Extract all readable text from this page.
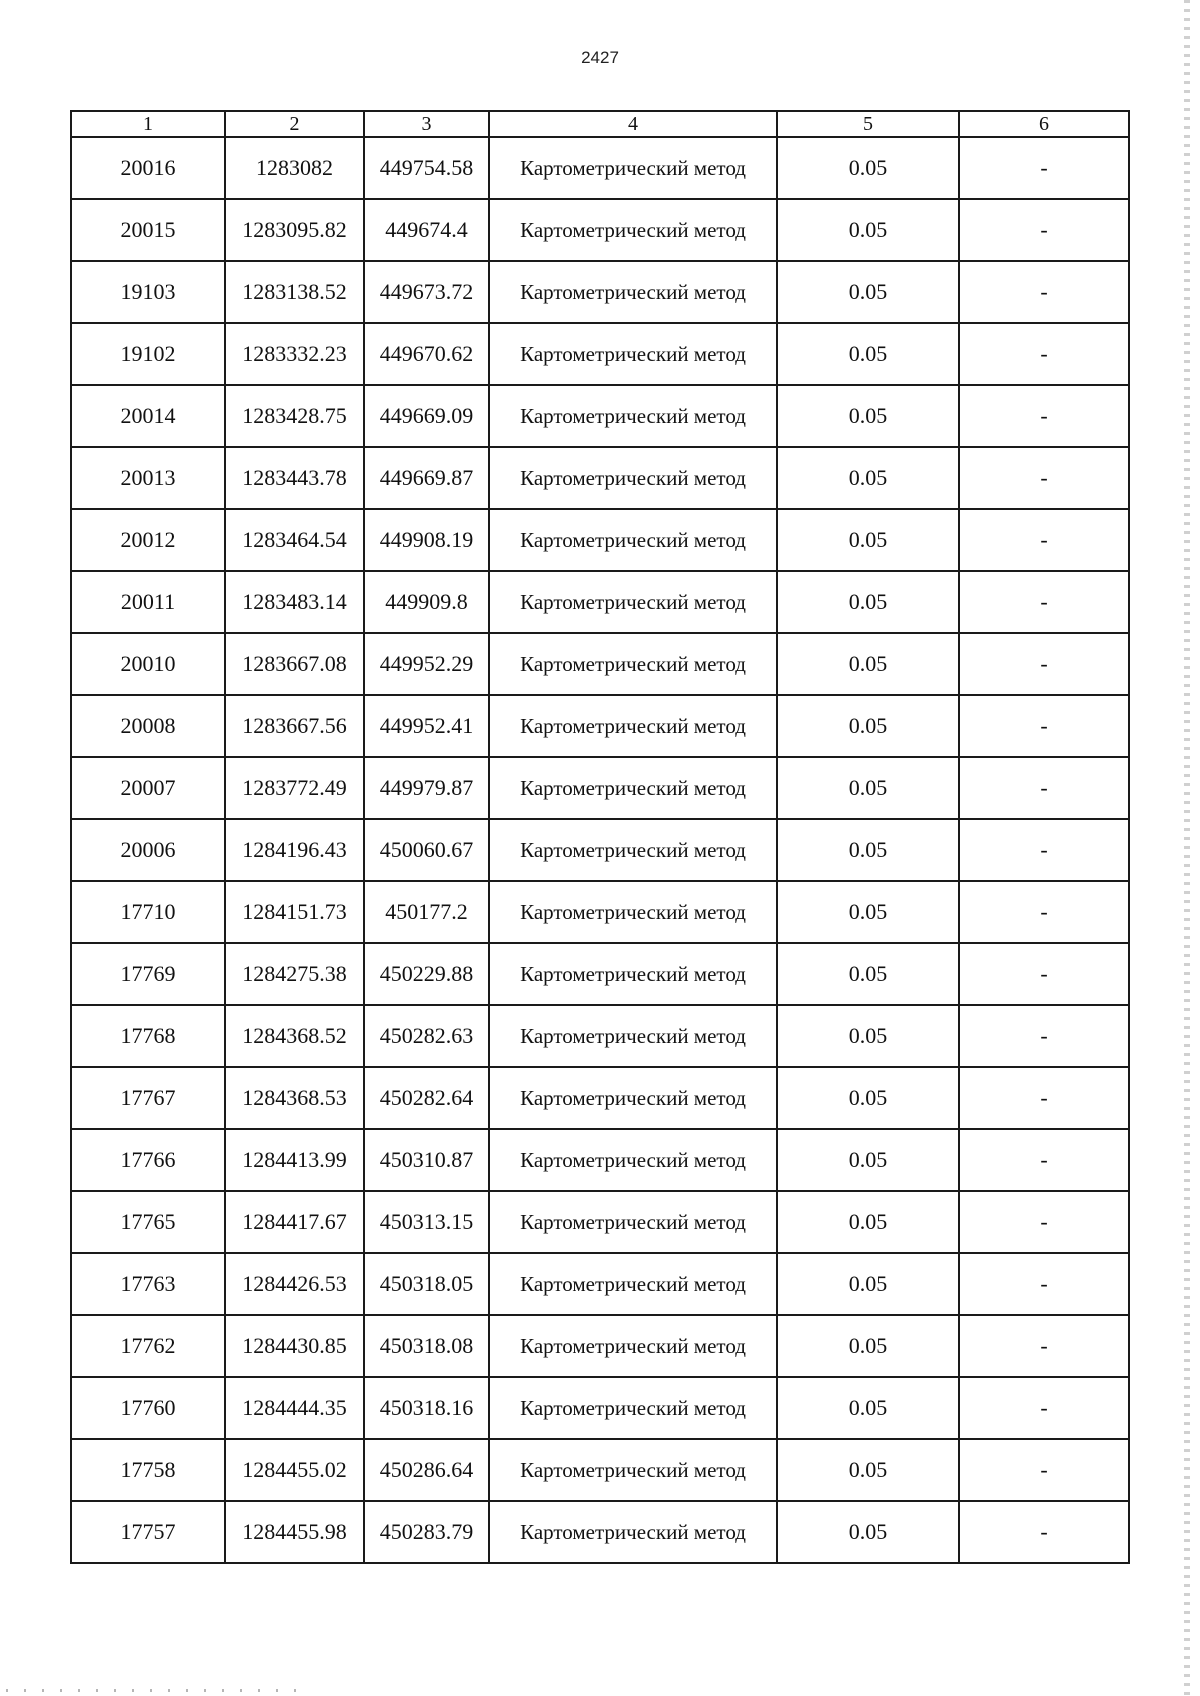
2427
1	2	3	4	5	6
20016	1283082	449754.58	Картометрический метод	0.05	-
20015	1283095.82	449674.4	Картометрический метод	0.05	-
19103	1283138.52	449673.72	Картометрический метод	0.05	-
19102	1283332.23	449670.62	Картометрический метод	0.05	-
20014	1283428.75	449669.09	Картометрический метод	0.05	-
20013	1283443.78	449669.87	Картометрический метод	0.05	-
20012	1283464.54	449908.19	Картометрический метод	0.05	-
20011	1283483.14	449909.8	Картометрический метод	0.05	-
20010	1283667.08	449952.29	Картометрический метод	0.05	-
20008	1283667.56	449952.41	Картометрический метод	0.05	-
20007	1283772.49	449979.87	Картометрический метод	0.05	-
20006	1284196.43	450060.67	Картометрический метод	0.05	-
17710	1284151.73	450177.2	Картометрический метод	0.05	-
17769	1284275.38	450229.88	Картометрический метод	0.05	-
17768	1284368.52	450282.63	Картометрический метод	0.05	-
17767	1284368.53	450282.64	Картометрический метод	0.05	-
17766	1284413.99	450310.87	Картометрический метод	0.05	-
17765	1284417.67	450313.15	Картометрический метод	0.05	-
17763	1284426.53	450318.05	Картометрический метод	0.05	-
17762	1284430.85	450318.08	Картометрический метод	0.05	-
17760	1284444.35	450318.16	Картометрический метод	0.05	-
17758	1284455.02	450286.64	Картометрический метод	0.05	-
17757	1284455.98	450283.79	Картометрический метод	0.05	-
